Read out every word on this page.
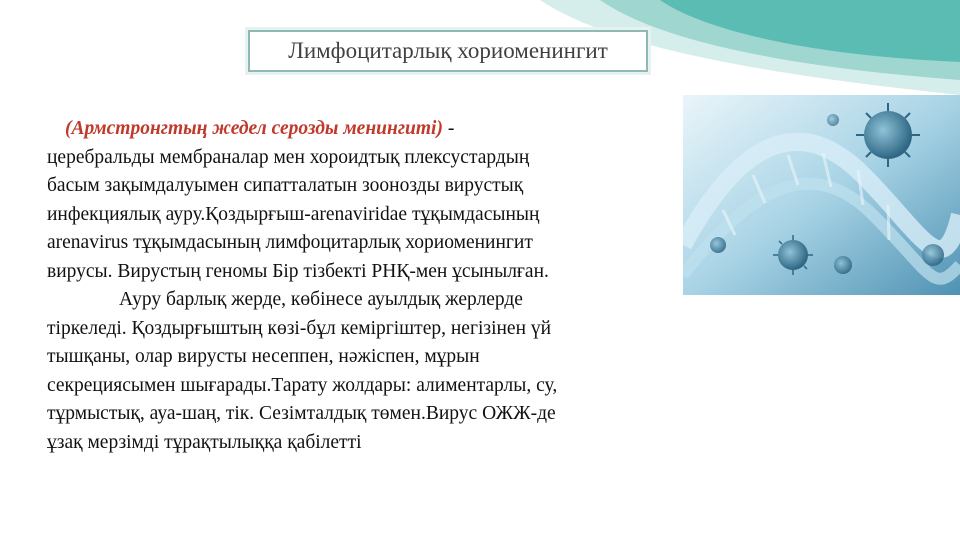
Лимфоцитарлық хориоменингит

(Армстронгтың жедел серозды менингиті) -

церебральды мембраналар мен хороидтық плексустардың

басым зақымдалуымен сипатталатын зоонозды вирустық

инфекциялық ауру.Қоздырғыш-arenaviridae тұқымдасының

arenavirus тұқымдасының лимфоцитарлық хориоменингит

вирусы. Вирустың геномы Бір тізбекті РНҚ-мен ұсынылған.

Ауру барлық жерде, көбінесе ауылдық жерлерде

тіркеледі. Қоздырғыштың көзі-бұл кеміргіштер, негізінен үй

тышқаны, олар вирусты несеппен, нәжіспен, мұрын

секрециясымен шығарады.Тарату жолдары: алиментарлы, су,

тұрмыстық, ауа-шаң, тік. Сезімталдық төмен.Вирус ОЖЖ-де

ұзақ мерзімді тұрақтылыққа қабілетті
